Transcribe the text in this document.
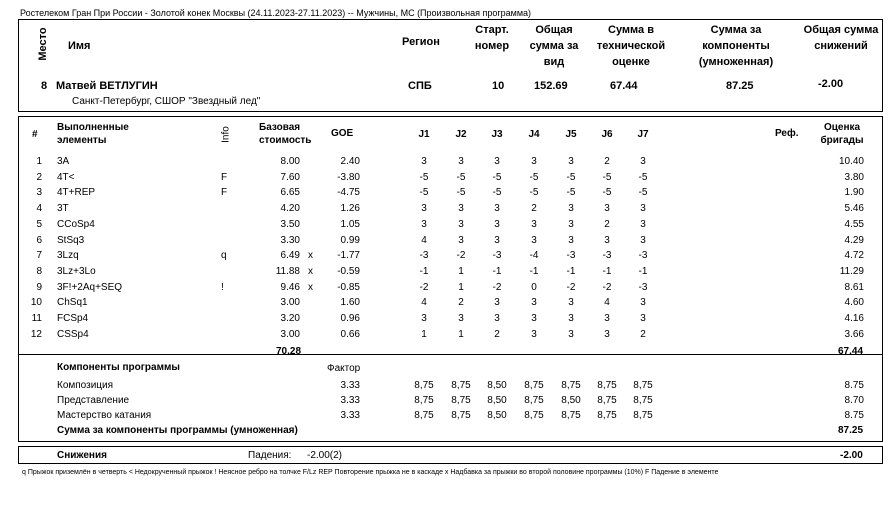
Ростелеком Гран При России - Золотой конек Москвы (24.11.2023-27.11.2023) -- Мужчины, МС (Произвольная программа)
Место Имя	Регион
Старт. номер
Общая сумма за вид
Сумма в технической оценке
Сумма за компоненты (умноженная)
Общая сумма снижений
8 Матвей ВЕТЛУГИН
Санкт-Петербург, СШОР "Звездный лед"
СПБ	10	152.69	67.44	87.25	-2.00
#
Выполненные элементы	Info	Базовая стоимость
GOE	J1	J2	J3	J4	J5	J6	J7	Реф.
Оценка бригады
1 3A	8.00	2.40	3	3	3	3	3	2	3	10.40
2 4T<	F	7.60	-3.80	-5	-5	-5	-5	-5	-5	-5	3.80
3 4T+REP	F	6.65	-4.75	-5	-5	-5	-5	-5	-5	-5	1.90
4 3T	4.20	1.26	3	3	3	2	3	3	3	5.46
5 CCoSp4	3.50	1.05	3	3	3	3	3	2	3	4.55
6 StSq3	3.30	0.99	4	3	3	3	3	3	3	4.29
7 3Lzq	q	6.49 x	-1.77	-3	-2	-3	-4	-3	-3	-3	4.72
8 3Lz+3Lo	11.88 x	-0.59	-1	1	-1	-1	-1	-1	-1	11.29
9 3F!+2Aq+SEQ	!	9.46 x	-0.85	-2	1	-2	0	-2	-2	-3	8.61
10 ChSq1	3.00	1.60	4	2	3	3	3	4	3	4.60
11 FCSp4	3.20	0.96	3	3	3	3	3	3	3	4.16
12 CSSp4	3.00	0.66	1	1	2	3	3	3	2	3.66
70.28	67.44
Компоненты программы	Фактор
Композиция	3.33	8,75	8,75	8,50	8,75	8,75	8,75	8,75	8.75
Представление	3.33	8,75	8,75	8,50	8,75	8,50	8,75	8,75	8.70
Мастерство катания	3.33	8,75	8,75	8,50	8,75	8,75	8,75	8,75	8.75
Сумма за компоненты программы (умноженная)	87.25
Снижения	Падения: -2.00(2)	-2.00
q Прыжок приземлён в четверть < Недокрученный прыжок ! Неясное ребро на толчке F/Lz REP Повторение прыжка не в каскаде x Надбавка за прыжки во второй половине программы (10%) F Падение в элементе
